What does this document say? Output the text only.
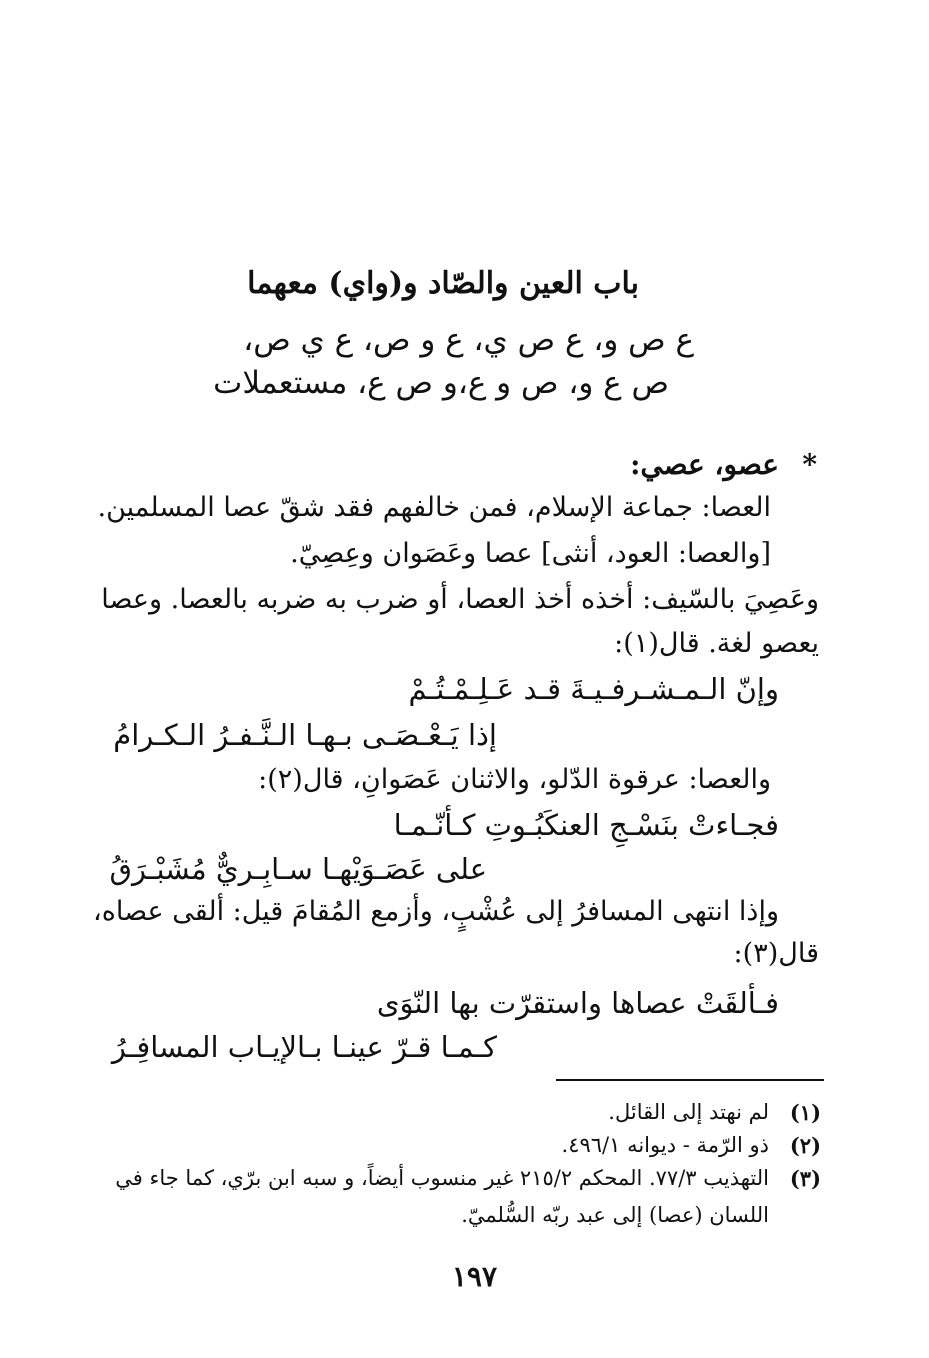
باب العين والصّاد و(واي) معهما
ع ص و، ع ص ي، ع و ص، ع ي ص،
ص ع و، ص و ع،و ص ع، مستعملات
*
عصو، عصي:
العصا: جماعة الإسلام، فمن خالفهم فقد شقّ عصا المسلمين.
[والعصا: العود، أنثى] عصا وعَصَوان وعِصِيّ.
وعَصِيَ بالسّيف: أخذه أخذ العصا، أو ضرب به ضربه بالعصا. وعصا
يعصو لغة. قال(١):
وإنّ الـمـشـرفـيـةَ قـد عَـلِـمْـتُـمْ
إذا يَـعْـصَـى بـهـا الـنَّـفـرُ الـكـرامُ
والعصا: عرقوة الدّلو، والاثنان عَصَوانِ، قال(٢):
فجـاءتْ بنَسْـجِ العنكَبُـوتِ كـأنّـمـا
على عَصَـوَيْهـا سـابِـريٌّ مُشَبْـرَقُ
وإذا انتهى المسافرُ إلى عُشْبٍ، وأزمع المُقامَ قيل: ألقى عصاه،
قال(٣):
فـألقَتْ عصاها واستقرّت بها النّوَى
كـمـا قـرّ عينـا بـالإيـاب المسافِـرُ
(١)
لم نهتد إلى القائل.
(٢)
ذو الرّمة - ديوانه ٤٩٦/١.
(٣)
التهذيب ٧٧/٣. المحكم ٢١٥/٢ غير منسوب أيضاً، و سبه ابن برّي، كما جاء في
اللسان (عصا) إلى عبد ربّه السُّلميّ.
١٩٧
